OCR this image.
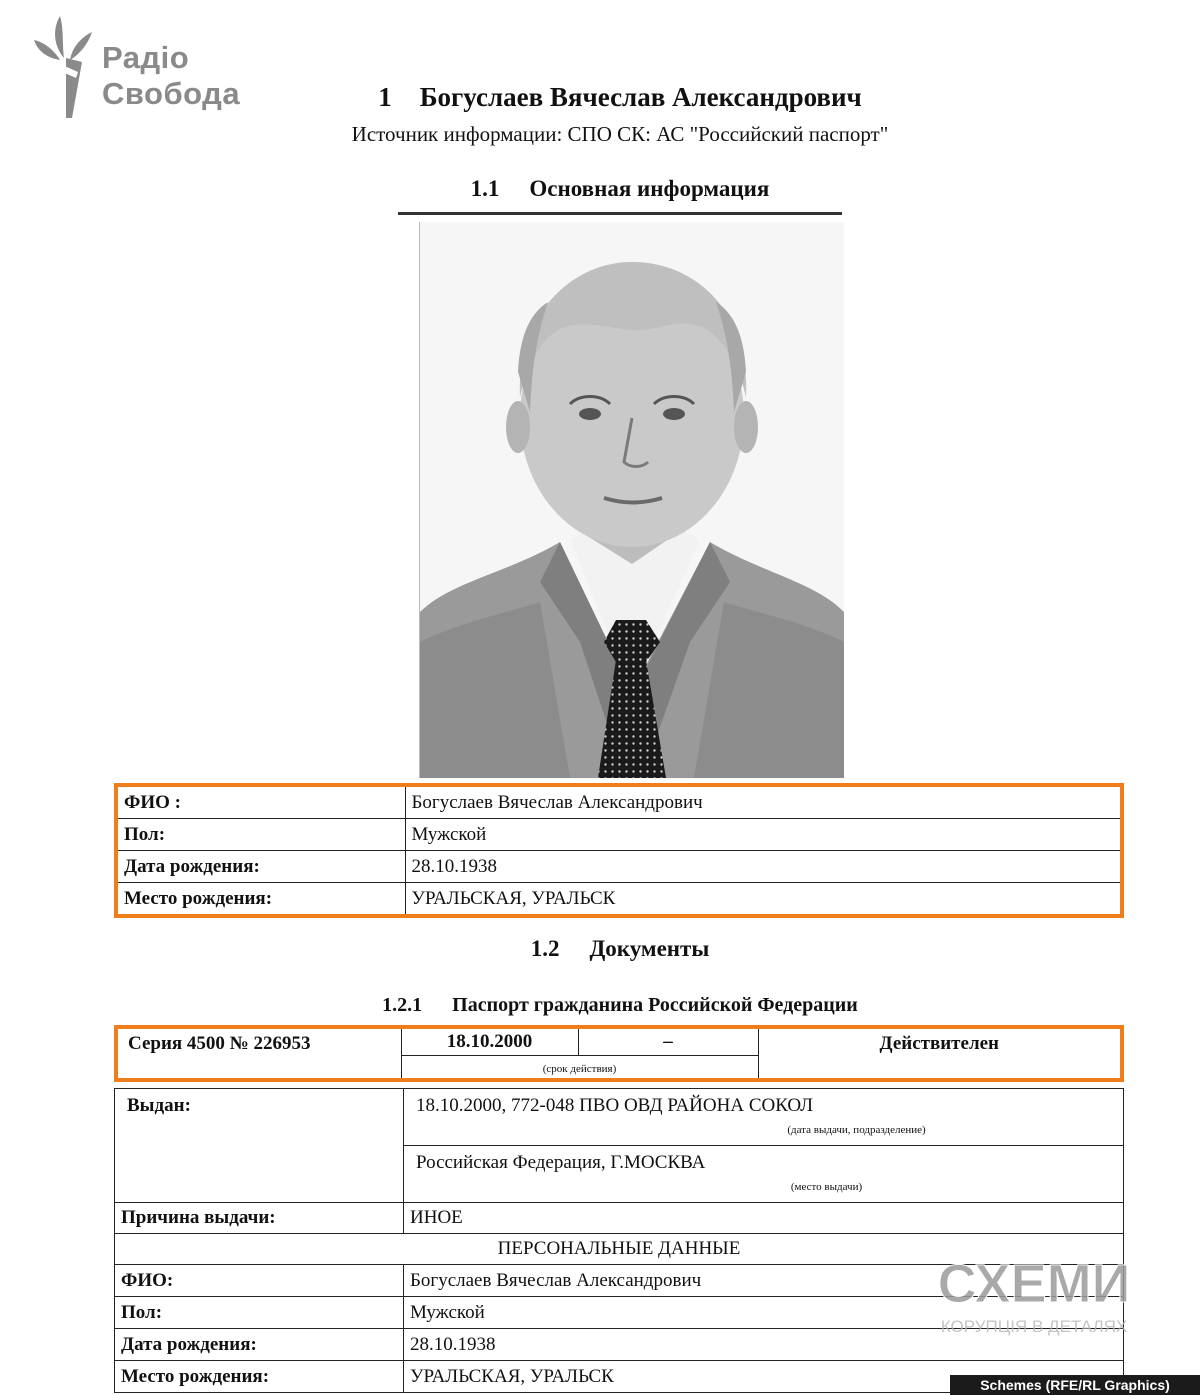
Радіо
Свобода	1 Богуслаев Вячеслав Александрович
Источник информации: СПО СК: АС "Российский паспорт"
1.1 Основная информация
ФИО :	Богуслаев Вячеслав Александрович
Пол:	Мужской
Дата рождения:	28.10.1938
Место рождения:	УРАЛЬСКАЯ, УРАЛЬСК
1.2 Документы
1.2.1 Паспорт гражданина Российской Федерации
Серия 4500 № 226953	18.10.2000	–	Действителен
(срок действия)
Выдан:	18.10.2000, 772-048 ПВО ОВД РАЙОНА СОКОЛ
(дата выдачи, подразделение)

	Российская Федерация, Г.МОСКВА
(место выдачи)

Причина выдачи:	ИНОЕ
ПЕРСОНАЛЬНЫЕ ДАННЫЕ	
ФИО:	Богуслаев Вячеслав Александрович
Пол:	Мужской
Дата рождения:	28.10.1938
Место рождения:	УРАЛЬСКАЯ, УРАЛЬСК
СХЕМИ
КОРУПЦІЯ В ДЕТАЛЯХ
Schemes (RFE/RL Graphics)
